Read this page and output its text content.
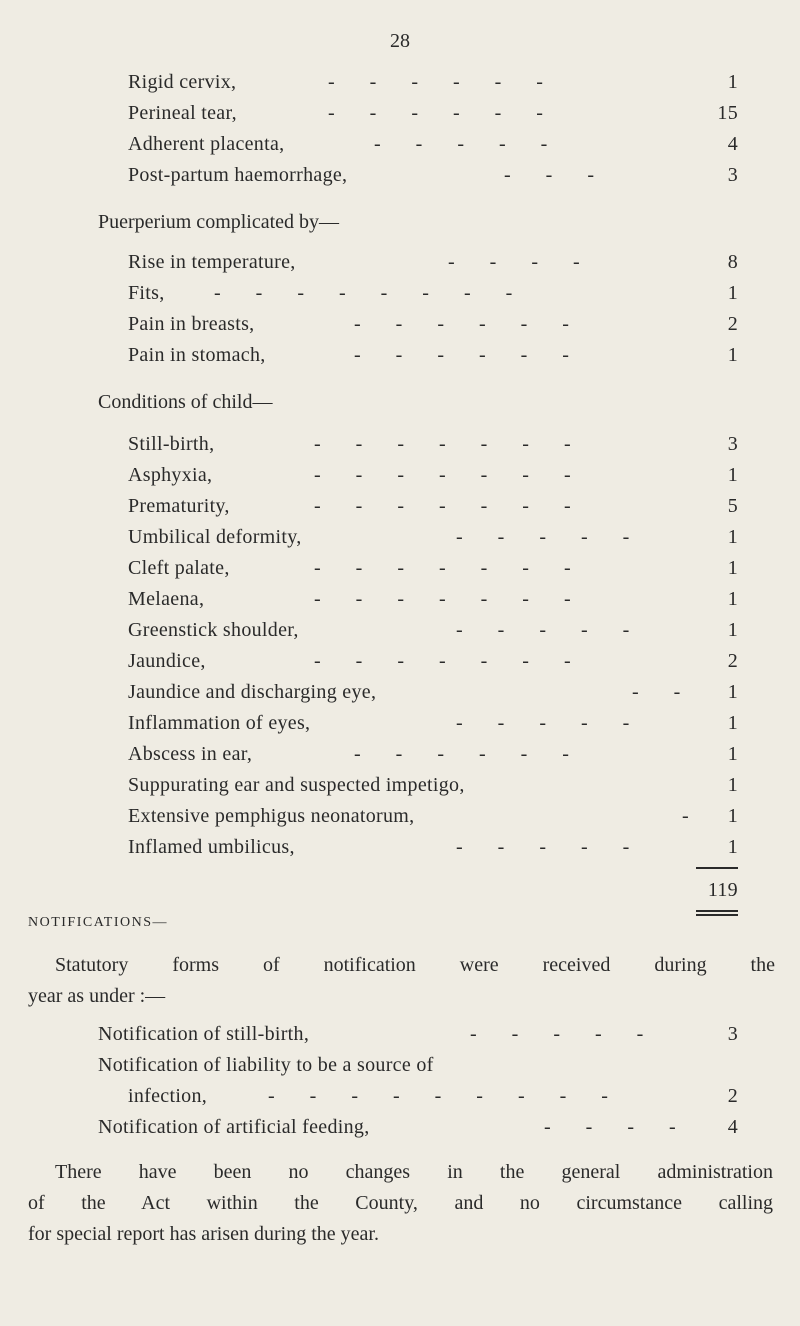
28
Rigid cervix,	- - - - - -	1
Perineal tear,	- - - - - -	15
Adherent placenta,	- - - - -	4
Post-partum haemorrhage,	- - -	3
Puerperium complicated by—
Rise in temperature,	- - - -	8
Fits, - - - - - - - -	1
Pain in breasts,	- - - - - -	2
Pain in stomach,	- - - - - -	1
Conditions of child—
Still-birth,	- - - - - - -	3
Asphyxia,	- - - - - - -	1
Prematurity,	- - - - - - -	5
Umbilical deformity,	- - - - -	1
Cleft palate,	- - - - - - -	1
Melaena,	- - - - - - -	1
Greenstick shoulder,	- - - - -	1
Jaundice,	- - - - - - -	2
Jaundice and discharging eye,	- -	1
Inflammation of eyes,	- - - - -	1
Abscess in ear,	- - - - - -	1
Suppurating ear and suspected impetigo,	1
Extensive pemphigus neonatorum,	-	1
Inflamed umbilicus,	- - - - -	1
119
NOTIFICATIONS—
Statutory forms of notification were received during the
year as under :—
Notification of still-birth,	- - - - -	3
Notification of liability to be a source of
infection,	- - - - - - - - -	2
Notification of artificial feeding,	- - - -	4
There have been no changes in the general administration
of the Act within the County, and no circumstance calling
for special report has arisen during the year.
